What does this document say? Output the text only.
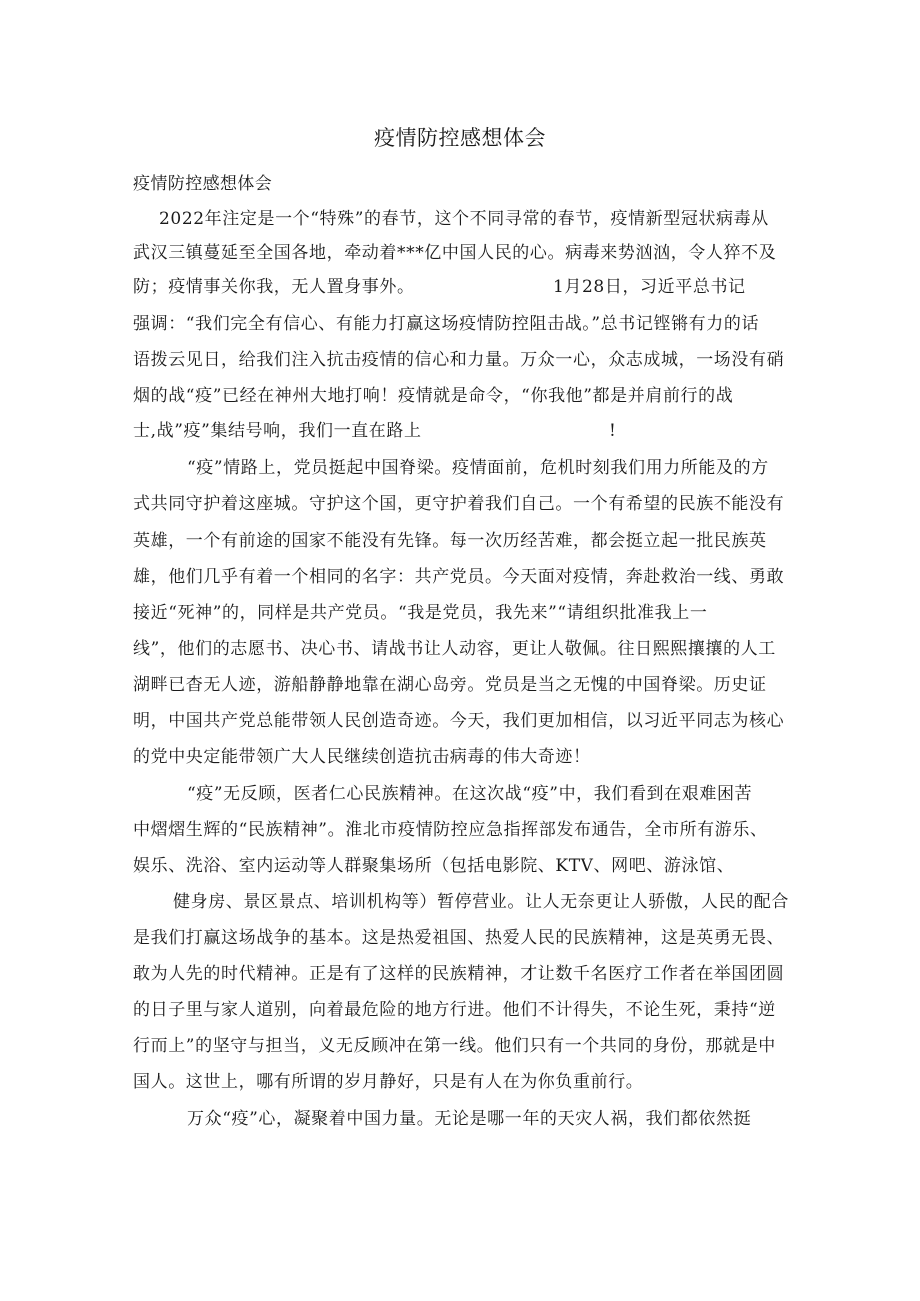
疫情防控感想体会
疫情防控感想体会
2022年注定是一个“特殊”的春节，这个不同寻常的春节，疫情新型冠状病毒从
武汉三镇蔓延至全国各地，牵动着***亿中国人民的心。病毒来势汹汹，令人猝不及
防；疫情事关你我，无人置身事外。	1月28日，习近平总书记
强调：“我们完全有信心、有能力打赢这场疫情防控阻击战。”总书记铿锵有力的话
语拨云见日，给我们注入抗击疫情的信心和力量。万众一心，众志成城，一场没有硝
烟的战“疫”已经在神州大地打响！疫情就是命令，“你我他”都是并肩前行的战
士,战”疫”集结号响，我们一直在路上	!
“疫”情路上，党员挺起中国脊梁。疫情面前，危机时刻我们用力所能及的方
式共同守护着这座城。守护这个国，更守护着我们自己。一个有希望的民族不能没有
英雄，一个有前途的国家不能没有先锋。每一次历经苦难，都会挺立起一批民族英
雄，他们几乎有着一个相同的名字：共产党员。今天面对疫情，奔赴救治一线、勇敢
接近“死神”的，同样是共产党员。“我是党员，我先来”“请组织批准我上一
线”，他们的志愿书、决心书、请战书让人动容，更让人敬佩。往日熙熙攘攘的人工
湖畔已杳无人迹，游船静静地靠在湖心岛旁。党员是当之无愧的中国脊梁。历史证
明，中国共产党总能带领人民创造奇迹。今天，我们更加相信，以习近平同志为核心
的党中央定能带领广大人民继续创造抗击病毒的伟大奇迹！
“疫”无反顾，医者仁心民族精神。在这次战“疫”中，我们看到在艰难困苦
中熠熠生辉的“民族精神”。淮北市疫情防控应急指挥部发布通告，全市所有游乐、
娱乐、洗浴、室内运动等人群聚集场所（包括电影院、KTV、网吧、游泳馆、
健身房、景区景点、培训机构等）暂停营业。让人无奈更让人骄傲，人民的配合
是我们打赢这场战争的基本。这是热爱祖国、热爱人民的民族精神，这是英勇无畏、
敢为人先的时代精神。正是有了这样的民族精神，才让数千名医疗工作者在举国团圆
的日子里与家人道别，向着最危险的地方行进。他们不计得失，不论生死，秉持“逆
行而上”的坚守与担当，义无反顾冲在第一线。他们只有一个共同的身份，那就是中
国人。这世上，哪有所谓的岁月静好，只是有人在为你负重前行。
万众“疫”心，凝聚着中国力量。无论是哪一年的天灾人祸，我们都依然挺
